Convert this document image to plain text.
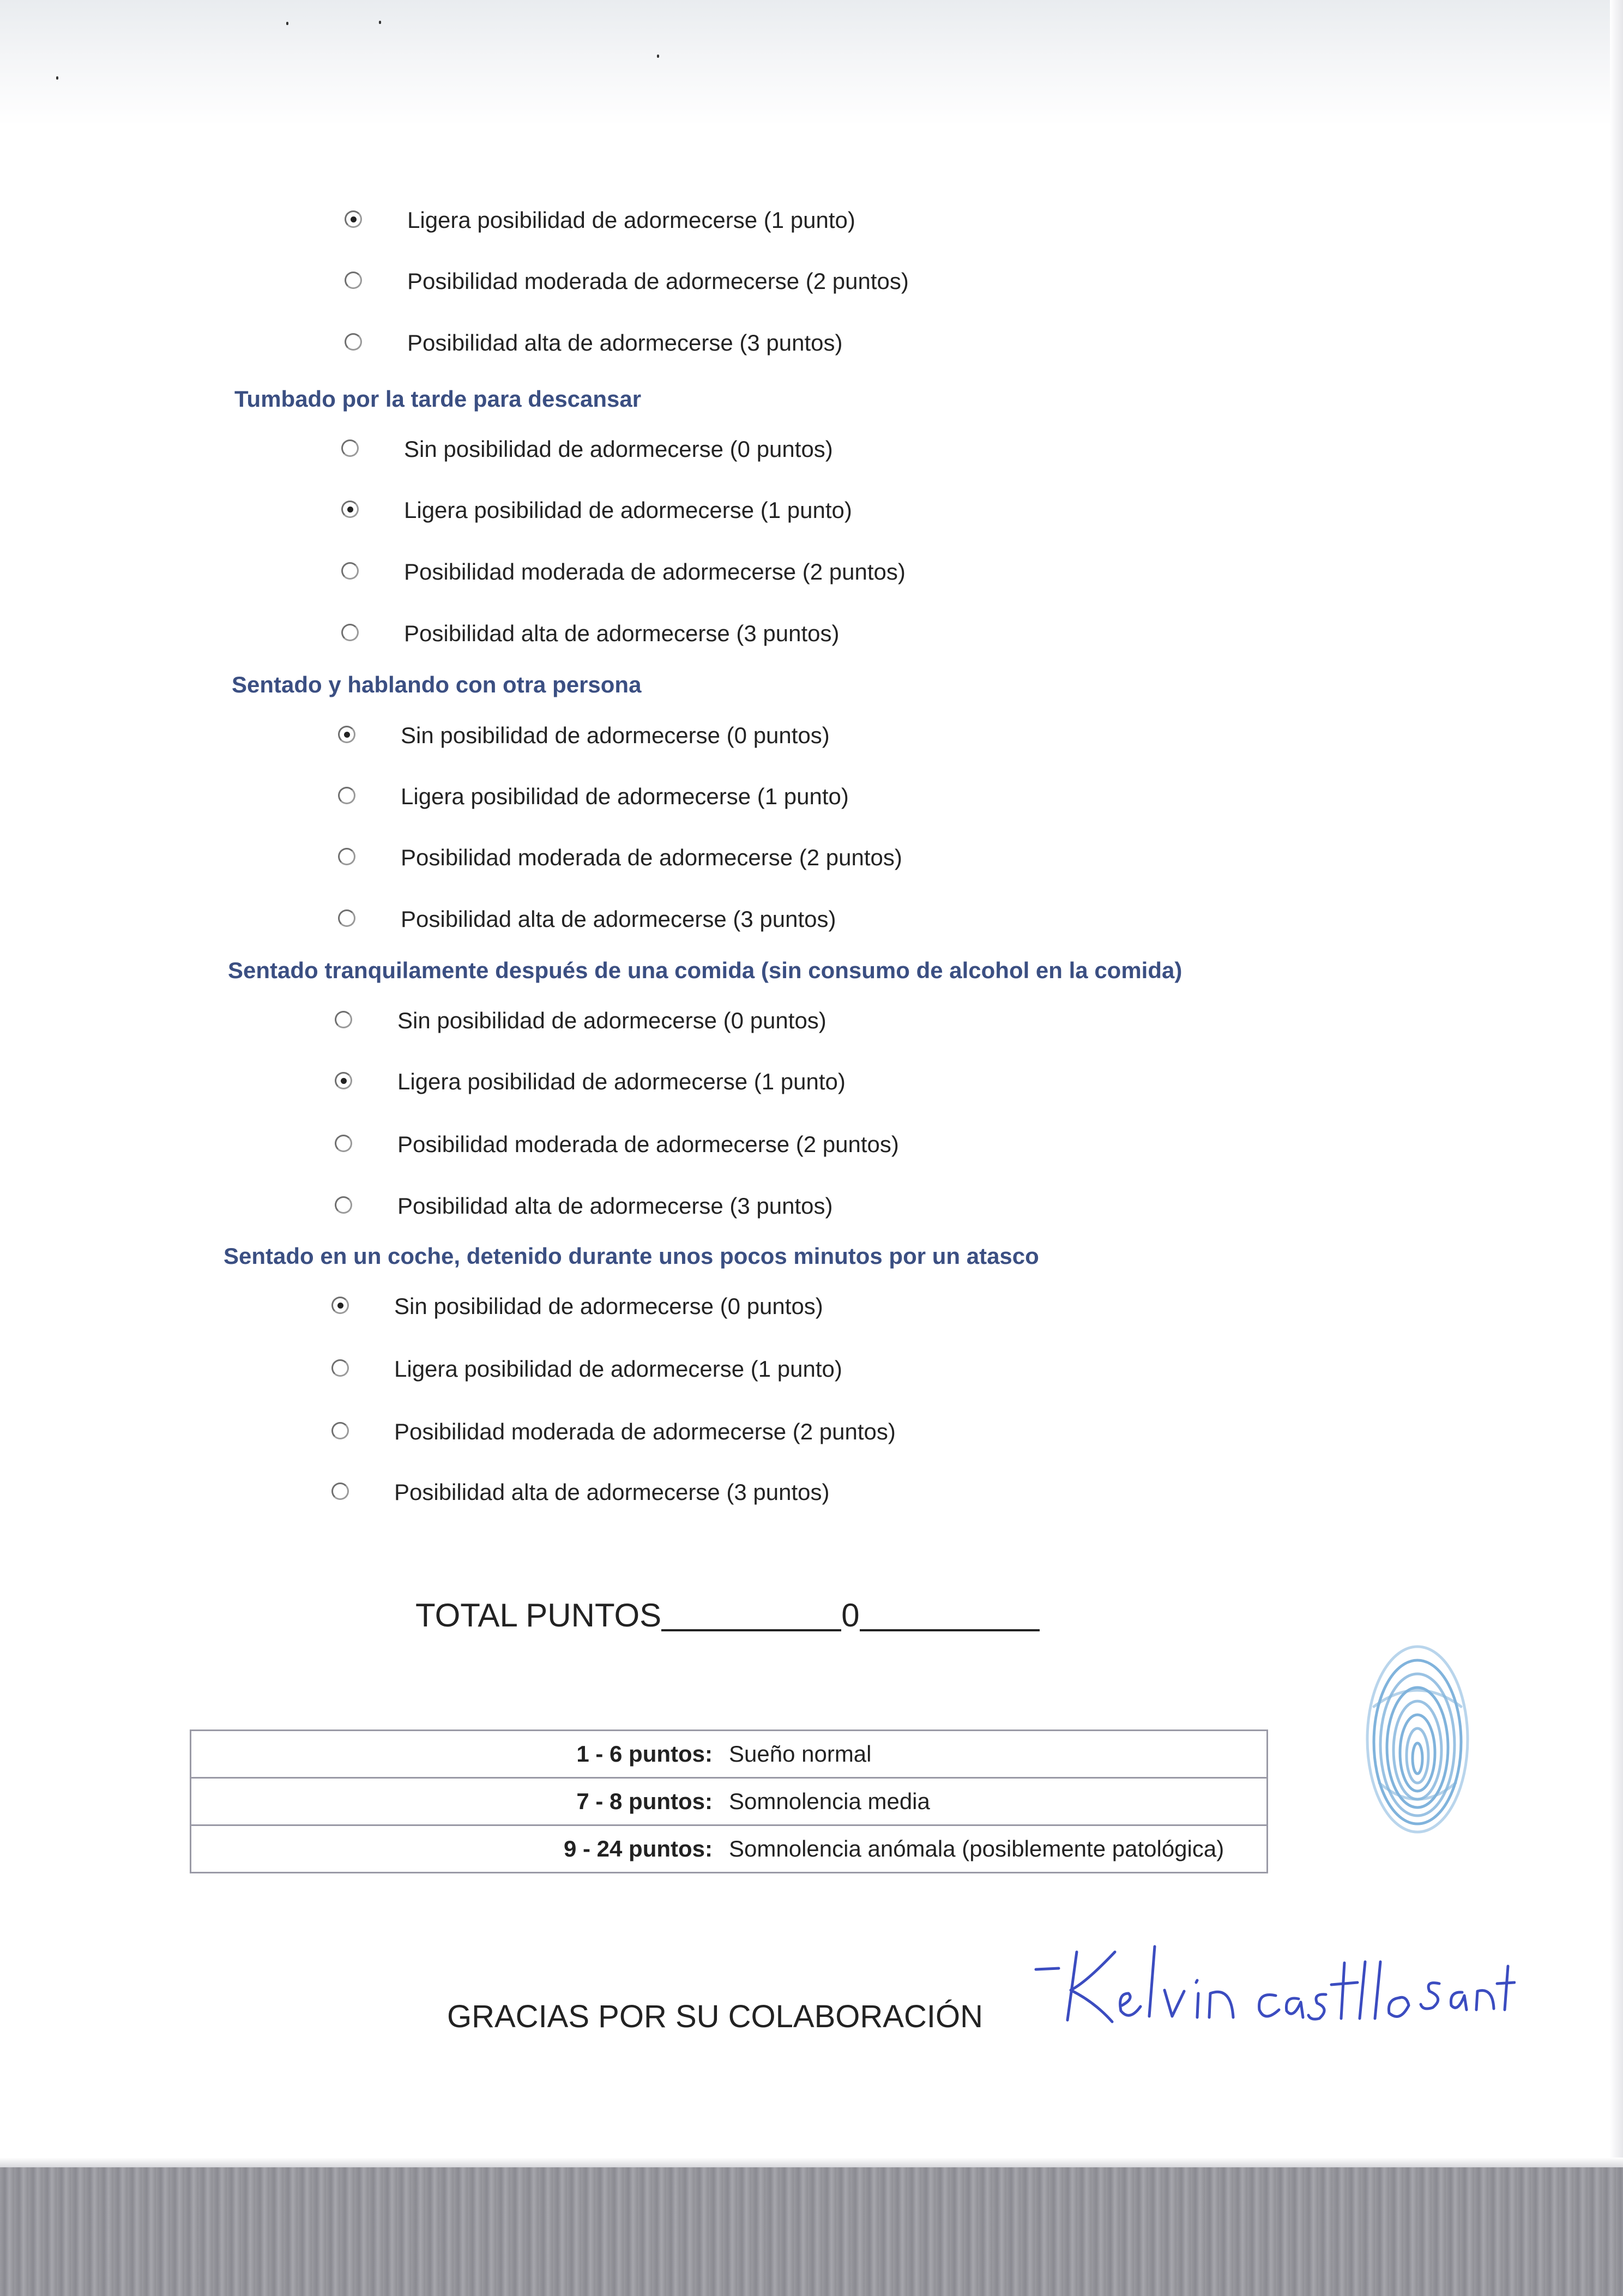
Ligera posibilidad de adormecerse (1 punto)
Posibilidad moderada de adormecerse (2 puntos)
Posibilidad alta de adormecerse (3 puntos)
Tumbado por la tarde para descansar
Sin posibilidad de adormecerse (0 puntos)
Ligera posibilidad de adormecerse (1 punto)
Posibilidad moderada de adormecerse (2 puntos)
Posibilidad alta de adormecerse (3 puntos)
Sentado y hablando con otra persona
Sin posibilidad de adormecerse (0 puntos)
Ligera posibilidad de adormecerse (1 punto)
Posibilidad moderada de adormecerse (2 puntos)
Posibilidad alta de adormecerse (3 puntos)
Sentado tranquilamente después de una comida (sin consumo de alcohol en la comida)
Sin posibilidad de adormecerse (0 puntos)
Ligera posibilidad de adormecerse (1 punto)
Posibilidad moderada de adormecerse (2 puntos)
Posibilidad alta de adormecerse (3 puntos)
Sentado en un coche, detenido durante unos pocos minutos por un atasco
Sin posibilidad de adormecerse (0 puntos)
Ligera posibilidad de adormecerse (1 punto)
Posibilidad moderada de adormecerse (2 puntos)
Posibilidad alta de adormecerse (3 puntos)
TOTAL PUNTOS	0
1 - 6 puntos:	Sueño normal
7 - 8 puntos:	Somnolencia media
9 - 24 puntos:	Somnolencia anómala (posiblemente patológica)
GRACIAS POR SU COLABORACIÓN
